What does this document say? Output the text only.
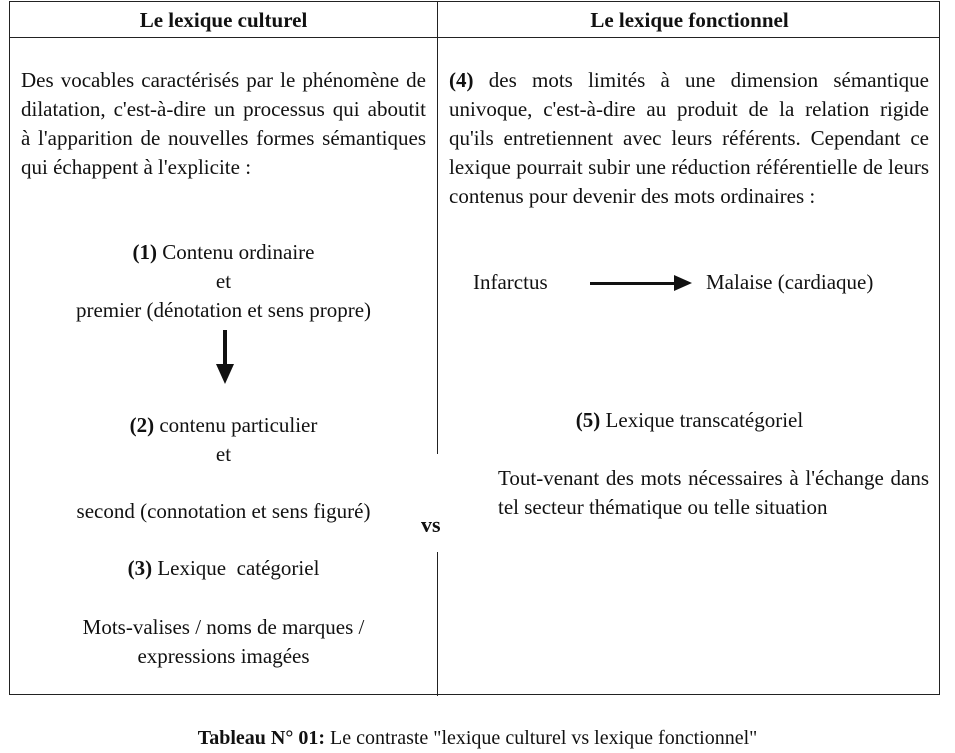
Le lexique culturel	Le lexique fonctionnel
Des vocables caractérisés par le phénomène de dilatation, c'est-à-dire un processus qui aboutit à l'apparition de nouvelles formes sémantiques qui échappent à l'explicite :
(1) Contenu ordinaire
et
premier (dénotation et sens propre)
(2) contenu particulier
et
second (connotation et sens figuré)
(3) Lexique  catégoriel
Mots-valises / noms de marques /
expressions imagées
vs
(4) des mots limités à une dimension sémantique univoque, c'est-à-dire au produit de la relation rigide qu'ils entretiennent avec leurs référents. Cependant ce lexique pourrait subir une réduction référentielle de leurs contenus pour devenir des mots ordinaires :
Infarctus	Malaise (cardiaque)
(5) Lexique transcatégoriel
Tout-venant des mots nécessaires à l'échange dans tel secteur thématique ou telle situation
Tableau N° 01: Le contraste "lexique culturel vs lexique fonctionnel"
